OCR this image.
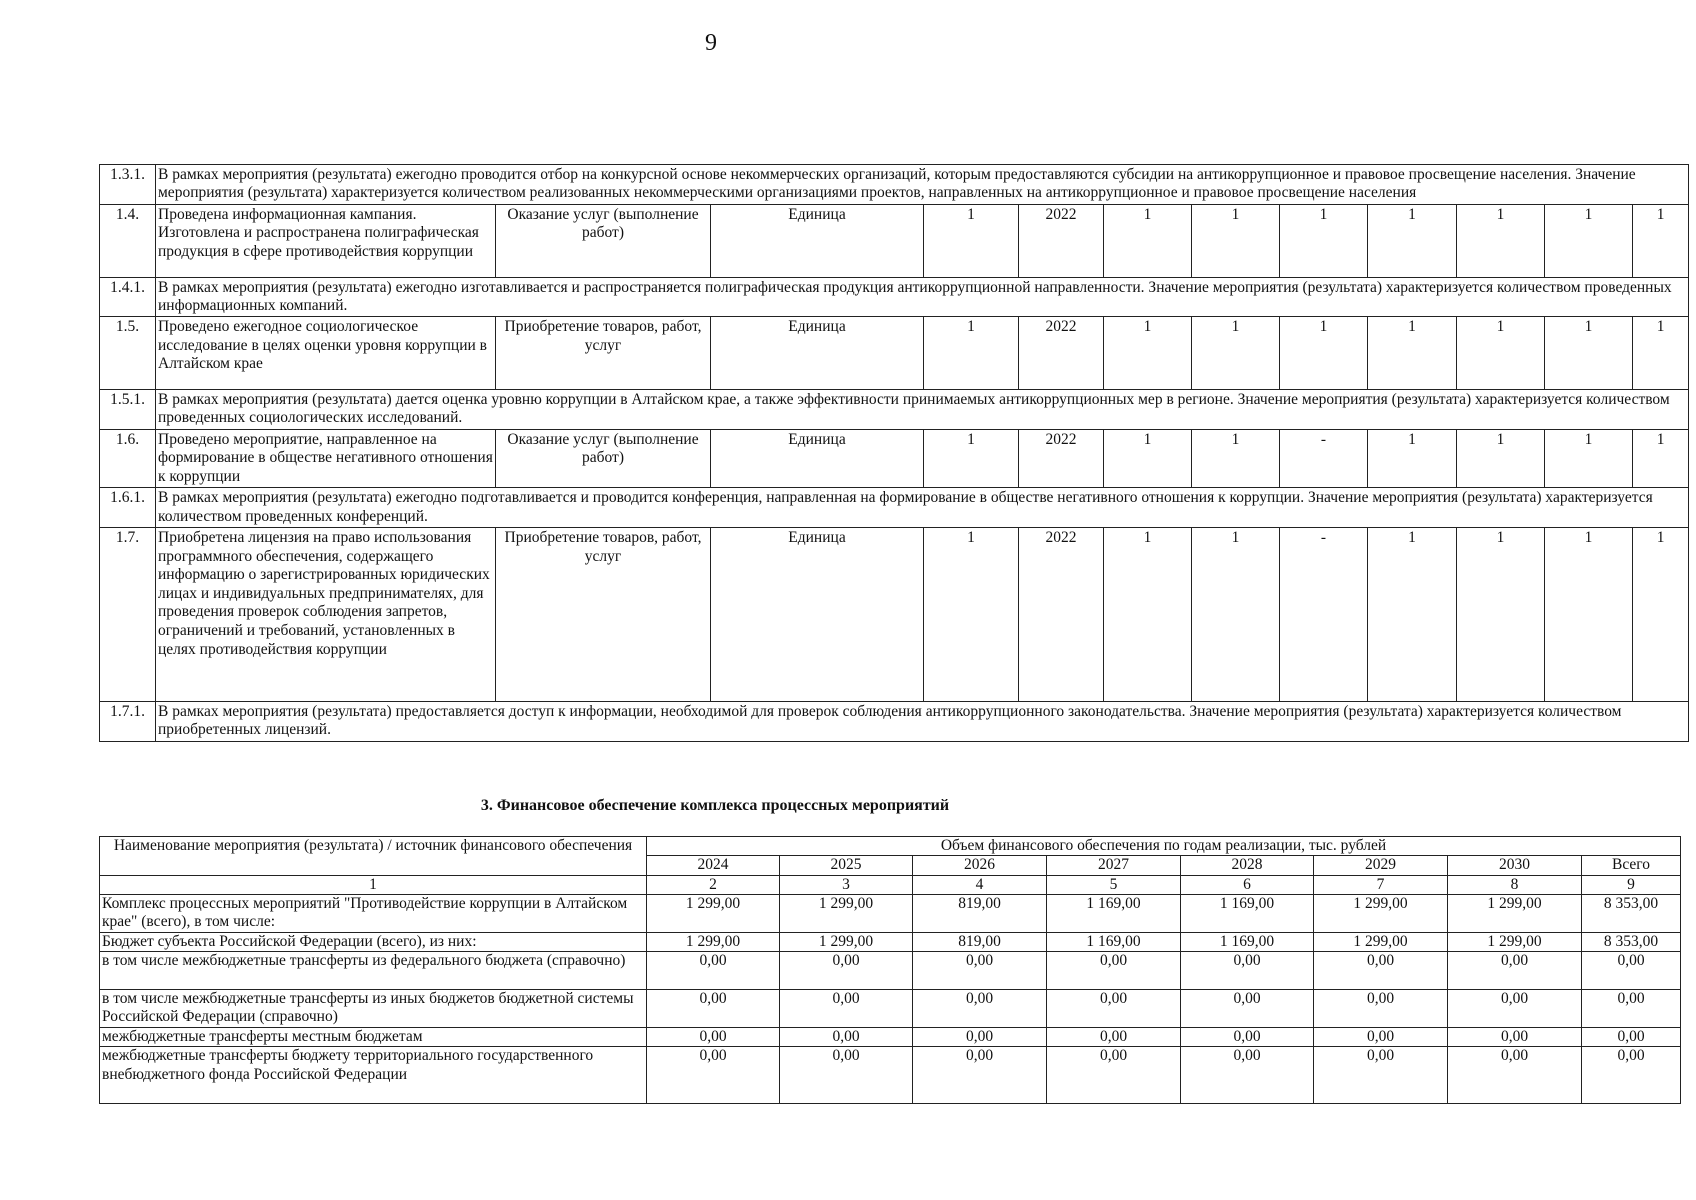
9
1.3.1.	В рамках мероприятия (результата) ежегодно проводится отбор на конкурсной основе некоммерческих организаций, которым предоставляются субсидии на антикоррупционное и правовое просвещение населения. Значение мероприятия (результата) характеризуется количеством реализованных некоммерческими организациями проектов, направленных на антикоррупционное и правовое просвещение населения											
1.4.	Проведена информационная кампания. Изготовлена и распространена полиграфическая продукция в сфере противодействия коррупции	Оказание услуг (выполнение работ)	Единица	1	2022	1	1	1	1	1	1	1
1.4.1.	В рамках мероприятия (результата) ежегодно изготавливается и распространяется полиграфическая продукция антикоррупционной направленности. Значение мероприятия (результата) характеризуется количеством проведенных информационных компаний.											
1.5.	Проведено ежегодное социологическое исследование в целях оценки уровня коррупции в Алтайском крае	Приобретение товаров, работ, услуг	Единица	1	2022	1	1	1	1	1	1	1
1.5.1.	В рамках мероприятия (результата) дается оценка уровню коррупции в Алтайском крае, а также эффективности принимаемых антикоррупционных мер в регионе. Значение мероприятия (результата) характеризуется количеством проведенных социологических исследований.											
1.6.	Проведено мероприятие, направленное на формирование в обществе негативного отношения к коррупции	Оказание услуг (выполнение работ)	Единица	1	2022	1	1	-	1	1	1	1
1.6.1.	В рамках мероприятия (результата) ежегодно подготавливается и проводится конференция, направленная на формирование в обществе негативного отношения к коррупции. Значение мероприятия (результата) характеризуется количеством проведенных конференций.											
1.7.	Приобретена лицензия на право использования программного обеспечения, содержащего информацию о зарегистрированных юридических лицах и индивидуальных предпринимателях, для проведения проверок соблюдения запретов, ограничений и требований, установленных в целях противодействия коррупции	Приобретение товаров, работ, услуг	Единица	1	2022	1	1	-	1	1	1	1
1.7.1.	В рамках мероприятия (результата) предоставляется доступ к информации, необходимой для проверок соблюдения антикоррупционного законодательства. Значение мероприятия (результата) характеризуется количеством приобретенных лицензий.											
3. Финансовое обеспечение комплекса процессных мероприятий
Наименование мероприятия (результата) / источник финансового обеспечения	Объем финансового обеспечения по годам реализации, тыс. рублей							
	2024	2025	2026	2027	2028	2029	2030	Всего
1	2	3	4	5	6	7	8	9
Комплекс процессных мероприятий "Противодействие коррупции в Алтайском крае" (всего), в том числе:	1 299,00	1 299,00	819,00	1 169,00	1 169,00	1 299,00	1 299,00	8 353,00
Бюджет субъекта Российской Федерации (всего), из них:	1 299,00	1 299,00	819,00	1 169,00	1 169,00	1 299,00	1 299,00	8 353,00
в том числе межбюджетные трансферты из федерального бюджета (справочно)	0,00	0,00	0,00	0,00	0,00	0,00	0,00	0,00
в том числе межбюджетные трансферты из иных бюджетов бюджетной системы Российской Федерации (справочно)	0,00	0,00	0,00	0,00	0,00	0,00	0,00	0,00
межбюджетные трансферты местным бюджетам	0,00	0,00	0,00	0,00	0,00	0,00	0,00	0,00
межбюджетные трансферты бюджету территориального государственного внебюджетного фонда Российской Федерации	0,00	0,00	0,00	0,00	0,00	0,00	0,00	0,00
